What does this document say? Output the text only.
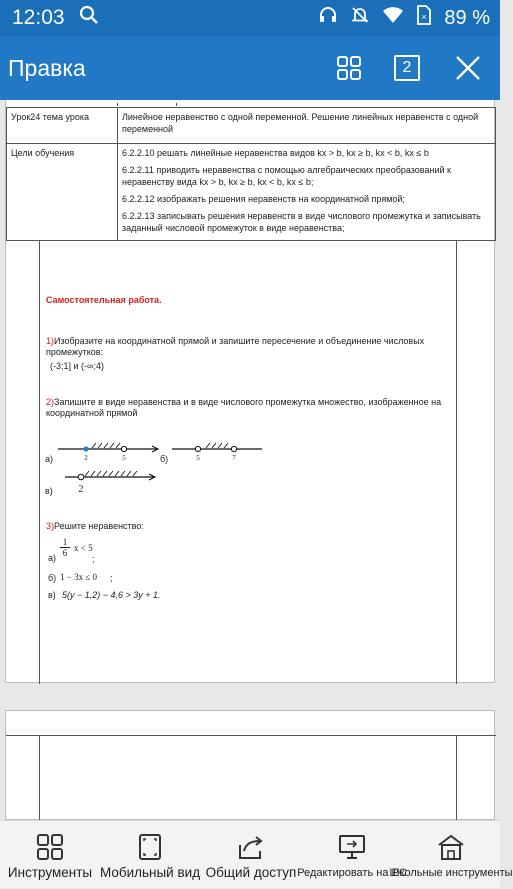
12:03	× 89 %
Правка	2
Урок24 тема урока	Линейное неравенство с одной переменной. Решение линейных неравенств с одной переменной
Цели обучения	6.2.2.10 решать линейные неравенства видов kx > b, kx ≥ b, kx < b, kx ≤ b
6.2.2.11 приводить неравенства с помощью алгебраических преобразований к неравенству вида kx > b, kx ≥ b, kx < b, kx ≤ b;
6.2.2.12 изображать решения неравенств на координатной прямой;
6.2.2.13 записывать решения неравенств в виде числового промежутка и записывать заданный числовой промежуток в виде неравенства;
Самостоятельная работа.
1)Изобразите на координатной прямой и запишите пересечение и объединение числовых промежутков:
(-3;1] и (-∞;4)
2)Запишите в виде неравенства и в виде числового промежутка множество, изображенное на координатной прямой
а)	2	5	б)	5	7
в)	2
3)Решите неравенство:
$а) \frac{1}{6}$ x < 5
;
б) 1 − 3x ≤ 0 ;
в) 5(y − 1,2) − 4,6 > 3y + 1.
Инструменты Мобильный вид Общий доступ Редактировать на PC
Школьные инструменты
